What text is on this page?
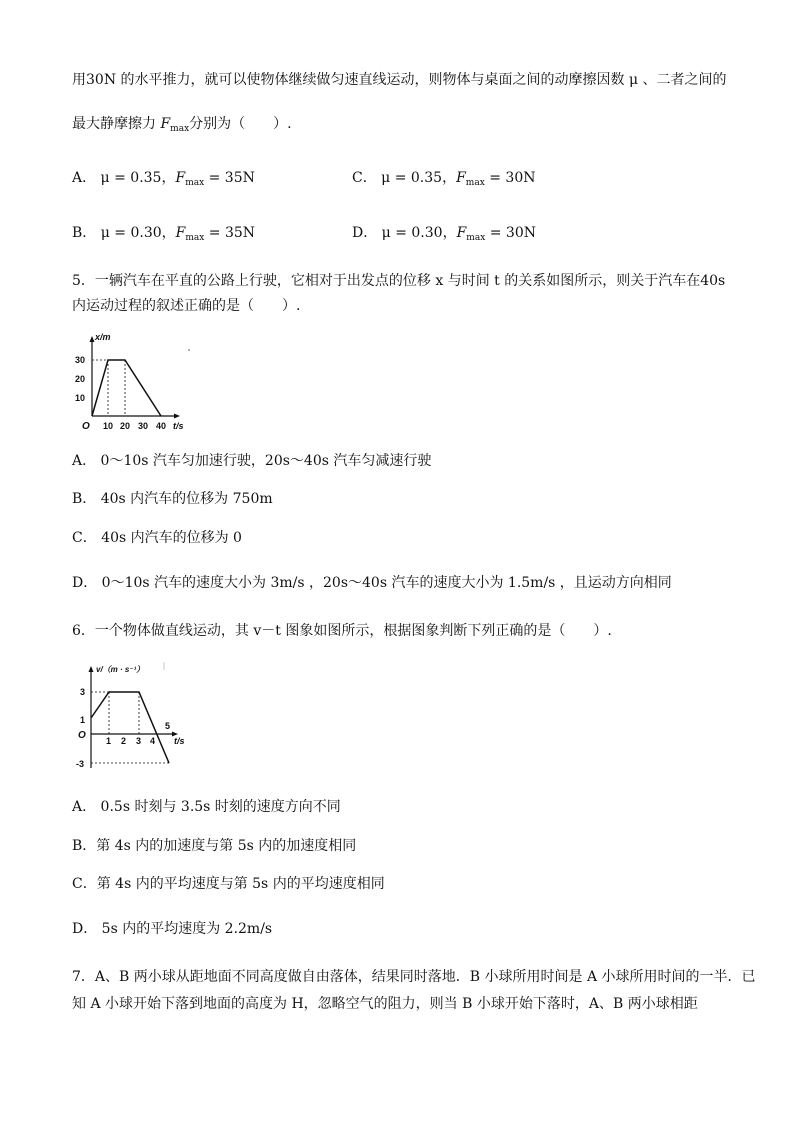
用30N 的水平推力，就可以使物体继续做匀速直线运动，则物体与桌面之间的动摩擦因数 μ 、二者之间的
最大静摩擦力 $F_{max}$分别为（　　）.
A． μ = 0.35，$F_{max} = 35N$	C． μ = 0.35，$F_{max} = 30N$
B． μ = 0.30，$F_{max} = 35N$	D． μ = 0.30，$F_{max} = 30N$
5．一辆汽车在平直的公路上行驶，它相对于出发点的位移 x 与时间 t 的关系如图所示，则关于汽车在40s
内运动过程的叙述正确的是（　　）.
x/m
t/s
O
30
20
10
10 20 30 40
A． 0～10s 汽车匀加速行驶，20s～40s 汽车匀减速行驶
B． 40s 内汽车的位移为 750m
C． 40s 内汽车的位移为 0
D． 0～10s 汽车的速度大小为 3m/s ，20s～40s 汽车的速度大小为 1.5m/s ，且运动方向相同
6．一个物体做直线运动，其 v－t 图象如图所示，根据图象判断下列正确的是（　　）.
v/（m · s⁻¹）
t/s
O
3
1
-3
1 2 3 4
5
A． 0.5s 时刻与 3.5s 时刻的速度方向不同
B．第 4s 内的加速度与第 5s 内的加速度相同
C．第 4s 内的平均速度与第 5s 内的平均速度相同
D． 5s 内的平均速度为 2.2m/s
7．A、B 两小球从距地面不同高度做自由落体，结果同时落地．B 小球所用时间是 A 小球所用时间的一半．已
知 A 小球开始下落到地面的高度为 H，忽略空气的阻力，则当 B 小球开始下落时，A、B 两小球相距
